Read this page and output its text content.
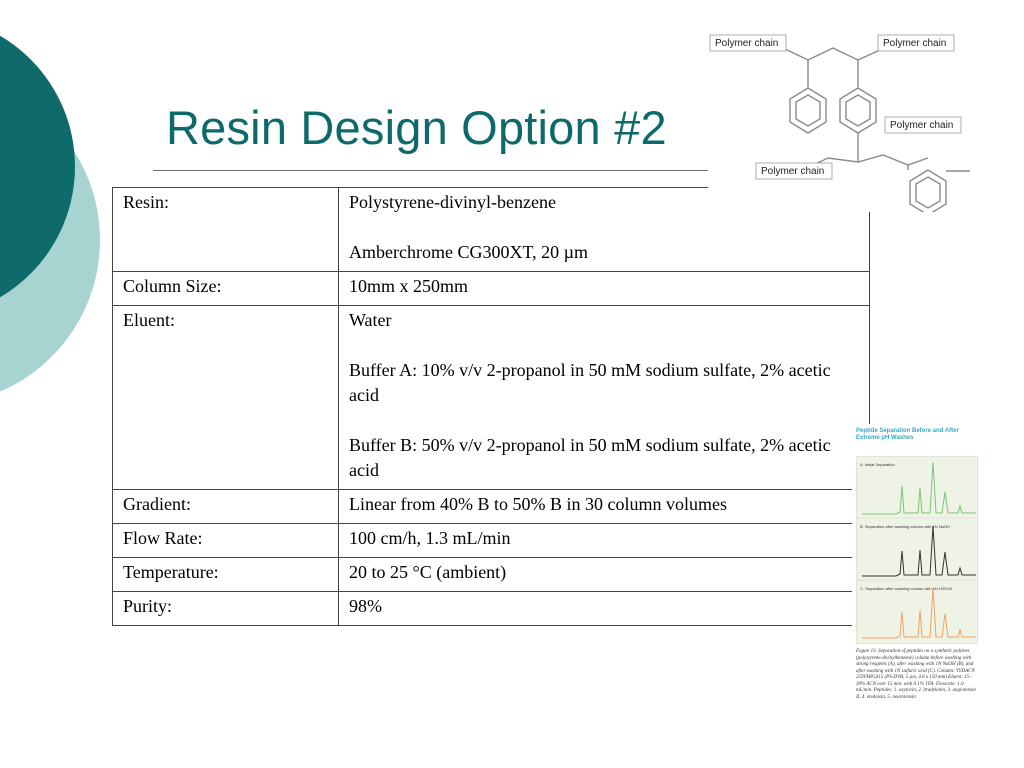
Resin Design Option #2
Resin:	Polystyrene-divinyl-benzene
Amberchrome CG300XT, 20 µm

Column Size:	10mm x 250mm

Eluent:	Water
Buffer A: 10% v/v 2-propanol in 50 mM sodium sulfate, 2% acetic acid
Buffer B: 50% v/v 2-propanol in 50 mM sodium sulfate, 2% acetic acid

Gradient:	Linear from 40% B to 50% B in 30 column volumes

Flow Rate:	100 cm/h, 1.3 mL/min

Temperature:	20 to 25 °C (ambient)

Purity:	98%
Polymer chain	Polymer chain
Polymer chain
Polymer chain
Peptide Separation Before and After Extreme pH Washes
A. Initial Separation
B. Separation after washing column with 1N NaOH
C. Separation after washing column with 1N H2SO4
Figure 13. Separation of peptides on a synthetic polymer (polystyrene-divinylbenzene) column before washing with strong reagents (A), after washing with 1N NaOH (B), and after washing with 1N sulfuric acid (C). Column: YYDAC® 259VHP5415 (PS-DVB, 5 µm, 4.6 x 150 mm) Eluent: 15–30% ACN over 15 min. with 0.1% TFA. Flowrate: 1.0 mL/min. Peptides: 1. oxytocin, 2. bradykinin, 3. angiotensin II, 4. eledoisin, 5. neurotensin
